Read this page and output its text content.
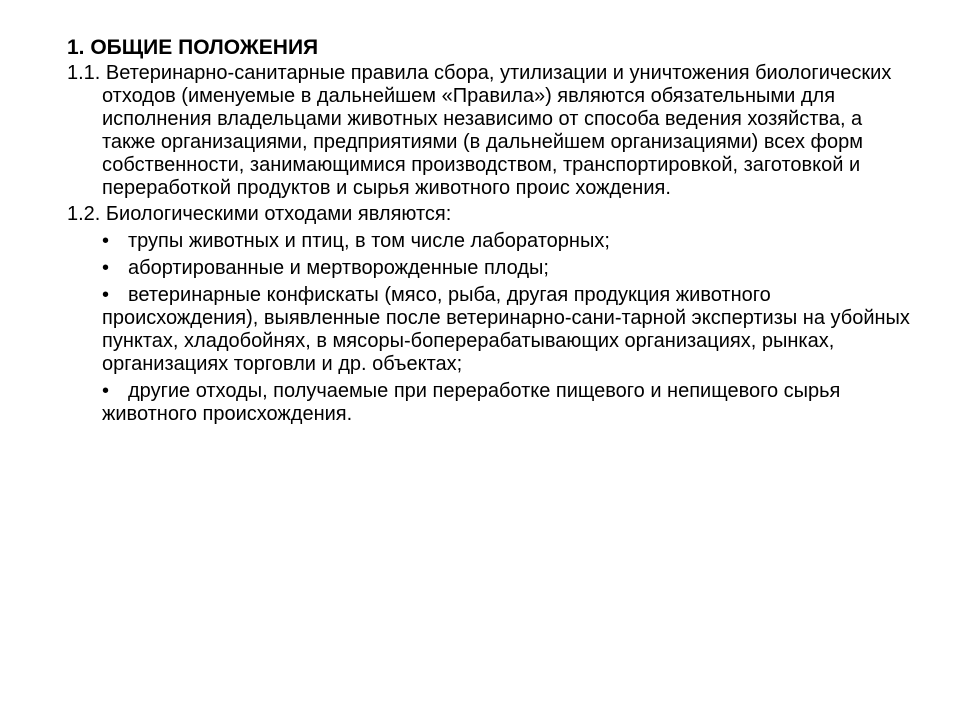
1. ОБЩИЕ ПОЛОЖЕНИЯ

1.1. Ветеринарно-санитарные правила сбора, утилизации и уничтожения биологических отходов (именуемые в дальнейшем «Правила») являются обязательными для исполнения владельцами животных независимо от способа ведения хозяйства, а также организациями, предприятиями (в дальнейшем организациями) всех форм собственности, занимающимися производством, транспортировкой, заготовкой и переработкой продуктов и сырья животного проис хождения.

1.2. Биологическими отходами являются:

• трупы животных и птиц, в том числе лабораторных;
• абортированные и мертворожденные плоды;
• ветеринарные конфискаты (мясо, рыба, другая продукция животного происхождения), выявленные после ветеринарно-сани-тарной экспертизы на убойных пунктах, хладобойнях, в мясоры-боперерабатывающих организациях, рынках, организациях торговли и др. объектах;
• другие отходы, получаемые при переработке пищевого и непищевого сырья животного происхождения.
